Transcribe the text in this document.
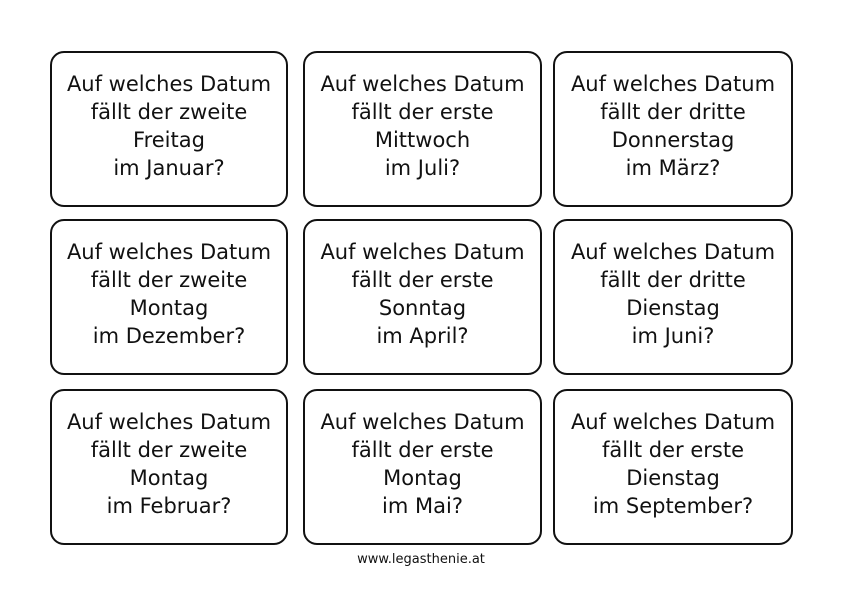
Auf welches Datum
fällt der zweite
Freitag
im Januar?
Auf welches Datum
fällt der erste
Mittwoch
im Juli?
Auf welches Datum
fällt der dritte
Donnerstag
im März?
Auf welches Datum
fällt der zweite
Montag
im Dezember?
Auf welches Datum
fällt der erste
Sonntag
im April?
Auf welches Datum
fällt der dritte
Dienstag
im Juni?
Auf welches Datum
fällt der zweite
Montag
im Februar?
Auf welches Datum
fällt der erste
Montag
im Mai?
Auf welches Datum
fällt der erste
Dienstag
im September?
www.legasthenie.at
